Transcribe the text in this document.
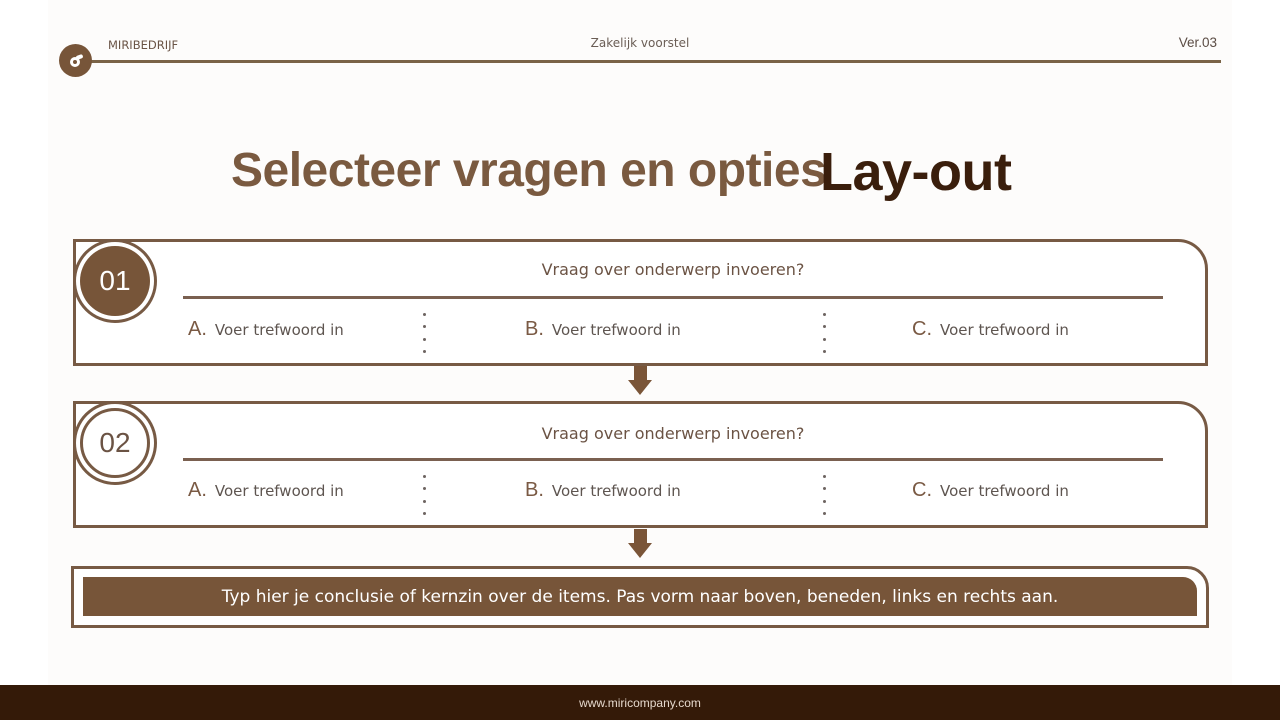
MIRIBEDRIJF	Zakelijk voorstel	Ver.03
Selecteer vragen en opties
Lay-out
01	Vraag over onderwerp invoeren?
A. Voer trefwoord in	B. Voer trefwoord in	C. Voer trefwoord in
02	Vraag over onderwerp invoeren?
A. Voer trefwoord in	B. Voer trefwoord in	C. Voer trefwoord in
Typ hier je conclusie of kernzin over de items. Pas vorm naar boven, beneden, links en rechts aan.
www.miricompany.com
